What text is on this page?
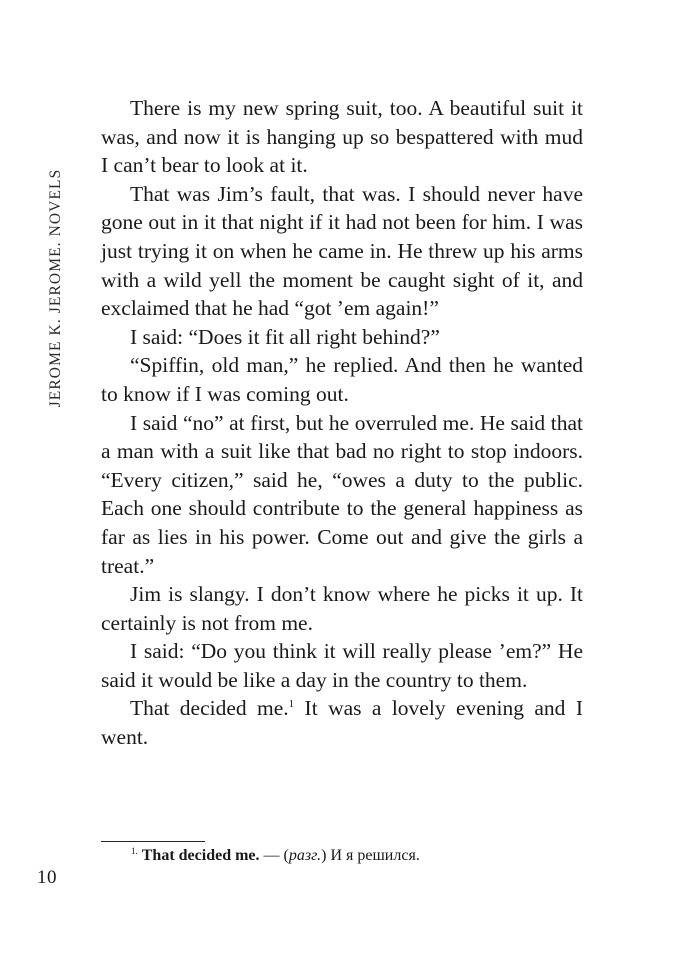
JEROME K. JEROME. NOVELS

There is my new spring suit, too. A beautiful suit it was, and now it is hanging up so bespattered with mud I can’t bear to look at it.

That was Jim’s fault, that was. I should never have gone out in it that night if it had not been for him. I was just trying it on when he came in. He threw up his arms with a wild yell the moment be caught sight of it, and exclaimed that he had “got ’em again!”

I said: “Does it fit all right behind?”

“Spiffin, old man,” he replied. And then he wanted to know if I was coming out.

I said “no” at first, but he overruled me. He said that a man with a suit like that bad no right to stop indoors. “Every citizen,” said he, “owes a duty to the public. Each one should contribute to the general happiness as far as lies in his power. Come out and give the girls a treat.”

Jim is slangy. I don’t know where he picks it up. It certainly is not from me.

I said: “Do you think it will really please ’em?” He said it would be like a day in the country to them.

That decided me.$^1$ It was a lovely evening and I went.

$^{1.}$ That decided me. — (разг.) И я решился.
10
